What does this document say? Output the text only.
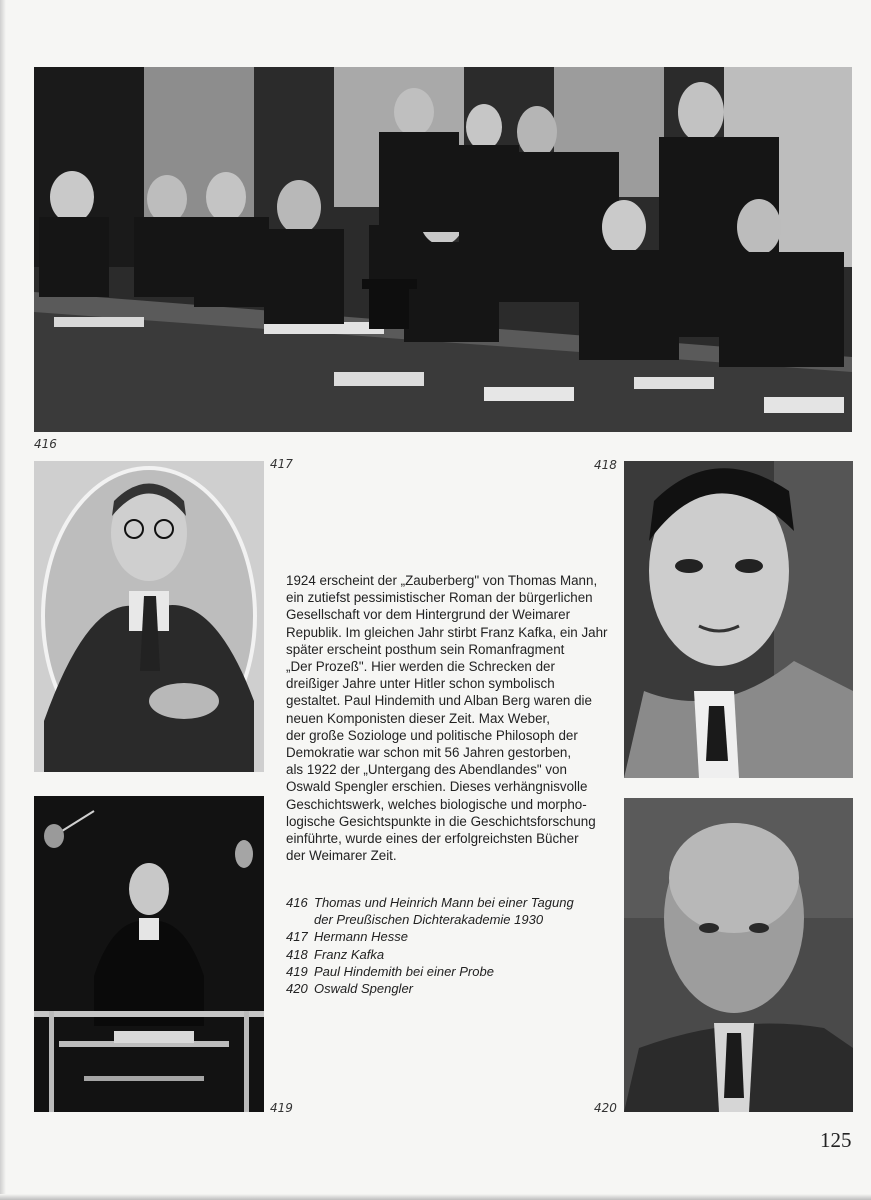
416
417	418
419	420
1924 erscheint der „Zauberberg" von Thomas Mann,
ein zutiefst pessimistischer Roman der bürgerlichen
Gesellschaft vor dem Hintergrund der Weimarer
Republik. Im gleichen Jahr stirbt Franz Kafka, ein Jahr
später erscheint posthum sein Romanfragment
„Der Prozeß". Hier werden die Schrecken der
dreißiger Jahre unter Hitler schon symbolisch
gestaltet. Paul Hindemith und Alban Berg waren die
neuen Komponisten dieser Zeit. Max Weber,
der große Soziologe und politische Philosoph der
Demokratie war schon mit 56 Jahren gestorben,
als 1922 der „Untergang des Abendlandes" von
Oswald Spengler erschien. Dieses verhängnisvolle
Geschichtswerk, welches biologische und morpho-
logische Gesichtspunkte in die Geschichtsforschung
einführte, wurde eines der erfolgreichsten Bücher
der Weimarer Zeit.
416 Thomas und Heinrich Mann bei einer Tagung
der Preußischen Dichterakademie 1930
417 Hermann Hesse
418 Franz Kafka
419 Paul Hindemith bei einer Probe
420 Oswald Spengler
125
